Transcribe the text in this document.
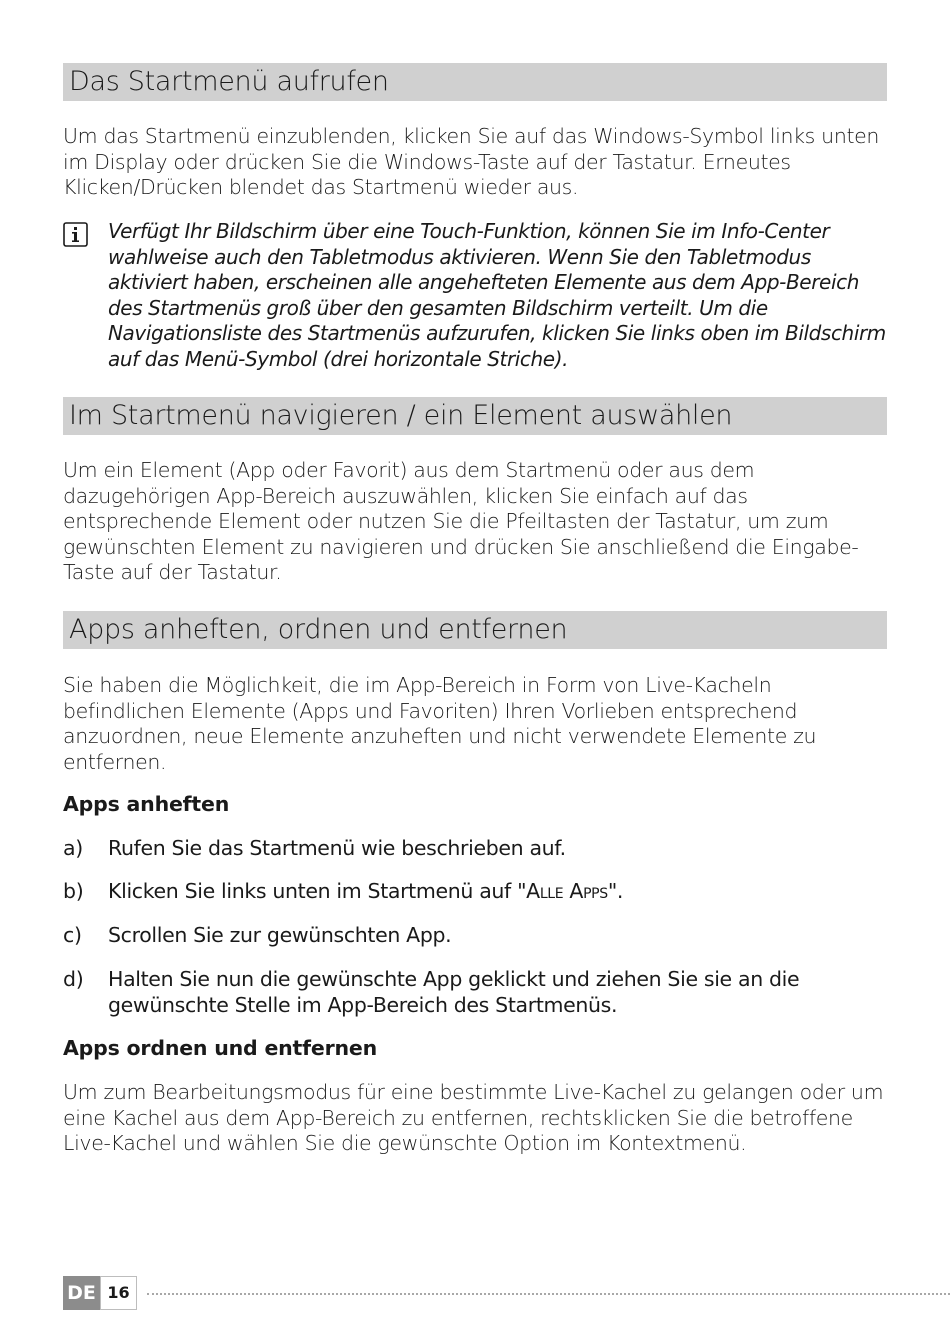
Das Startmenü aufrufen

Um das Startmenü einzublenden, klicken Sie auf das Windows-Symbol links unten im Display oder drücken Sie die Windows-Taste auf der Tastatur. Erneutes Klicken/Drücken blendet das Startmenü wieder aus.

Verfügt Ihr Bildschirm über eine Touch-Funktion, können Sie im Info-Center wahlweise auch den Tabletmodus aktivieren. Wenn Sie den Tabletmodus aktiviert haben, erscheinen alle angehefteten Elemente aus dem App-Bereich des Startmenüs groß über den gesamten Bildschirm verteilt. Um die Navigationsliste des Startmenüs aufzurufen, klicken Sie links oben im Bildschirm auf das Menü-Symbol (drei horizontale Striche).

Im Startmenü navigieren / ein Element auswählen

Um ein Element (App oder Favorit) aus dem Startmenü oder aus dem dazugehörigen App-Bereich auszuwählen, klicken Sie einfach auf das entsprechende Element oder nutzen Sie die Pfeiltasten der Tastatur, um zum gewünschten Element zu navigieren und drücken Sie anschließend die Eingabe-Taste auf der Tastatur.

Apps anheften, ordnen und entfernen

Sie haben die Möglichkeit, die im App-Bereich in Form von Live-Kacheln befindlichen Elemente (Apps und Favoriten) Ihren Vorlieben entsprechend anzuordnen, neue Elemente anzuheften und nicht verwendete Elemente zu entfernen.

Apps anheften
a) Rufen Sie das Startmenü wie beschrieben auf.

b) Klicken Sie links unten im Startmenü auf "Alle Apps".

c) Scrollen Sie zur gewünschten App.

d) Halten Sie nun die gewünschte App geklickt und ziehen Sie sie an die gewünschte Stelle im App-Bereich des Startmenüs.

Apps ordnen und entfernen

Um zum Bearbeitungsmodus für eine bestimmte Live-Kachel zu gelangen oder um eine Kachel aus dem App-Bereich zu entfernen, rechtsklicken Sie die betroffene Live-Kachel und wählen Sie die gewünschte Option im Kontextmenü.

DE 16
